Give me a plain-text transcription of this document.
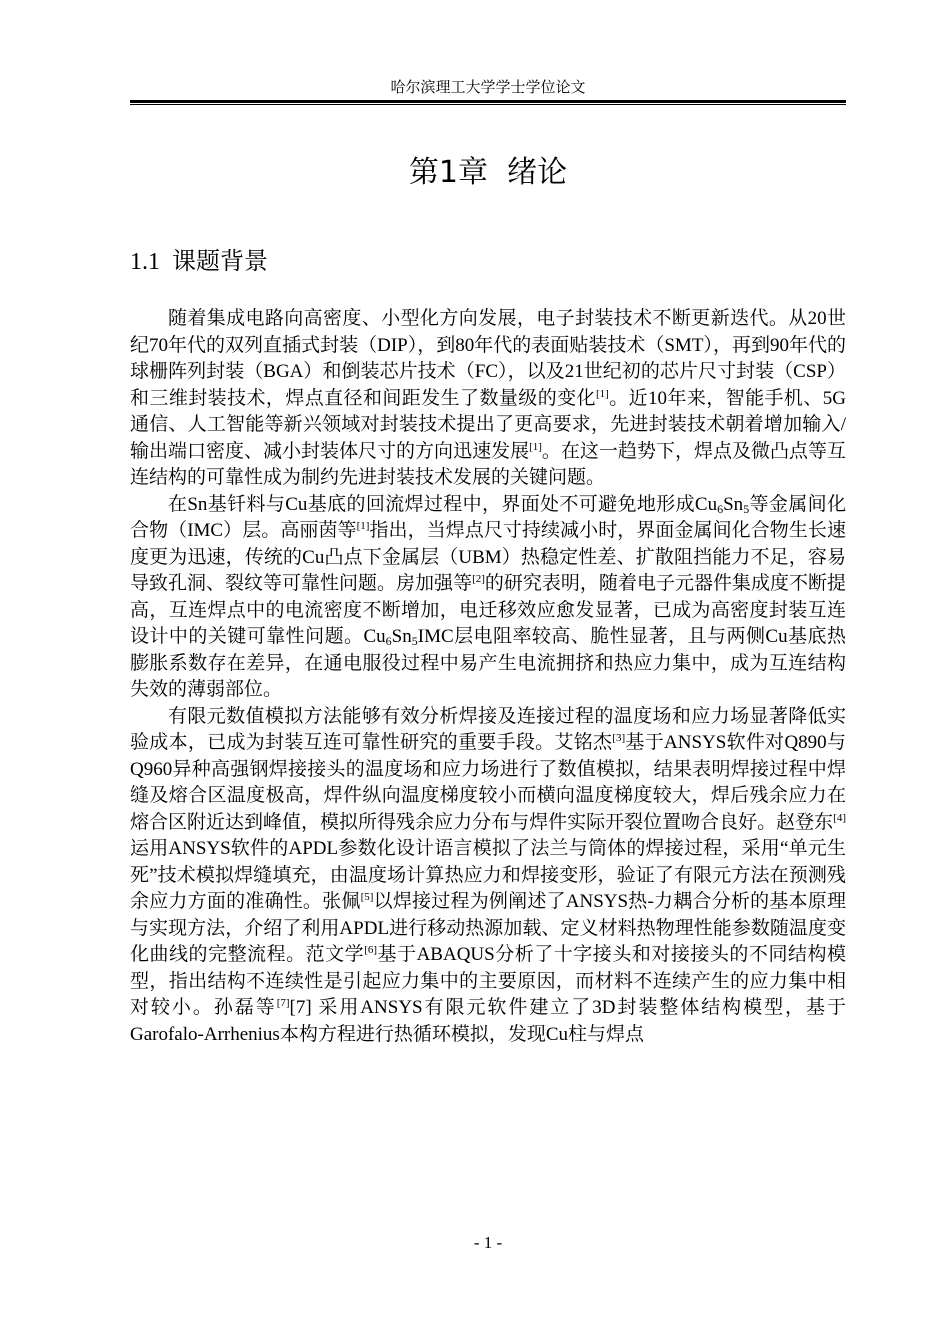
哈尔滨理工大学学士学位论文
第1章  绪论
1.1 课题背景

随着集成电路向高密度、小型化方向发展，电子封装技术不断更新迭代。从20世纪70年代的双列直插式封装（DIP），到80年代的表面贴装技术（SMT），再到90年代的球栅阵列封装（BGA）和倒装芯片技术（FC），以及21世纪初的芯片尺寸封装（CSP）和三维封装技术，焊点直径和间距发生了数量级的变化[1]。近10年来，智能手机、5G通信、人工智能等新兴领域对封装技术提出了更高要求，先进封装技术朝着增加输入/输出端口密度、减小封装体尺寸的方向迅速发展[1]。在这一趋势下，焊点及微凸点等互连结构的可靠性成为制约先进封装技术发展的关键问题。

在Sn基钎料与Cu基底的回流焊过程中，界面处不可避免地形成$Cu_6Sn_5$等金属间化合物（IMC）层。高丽茵等[1]指出，当焊点尺寸持续减小时，界面金属间化合物生长速度更为迅速，传统的Cu凸点下金属层（UBM）热稳定性差、扩散阻挡能力不足，容易导致孔洞、裂纹等可靠性问题。房加强等[2]的研究表明，随着电子元器件集成度不断提高，互连焊点中的电流密度不断增加，电迁移效应愈发显著，已成为高密度封装互连设计中的关键可靠性问题。$Cu_6Sn_5IMC$层电阻率较高、脆性显著，且与两侧Cu基底热膨胀系数存在差异，在通电服役过程中易产生电流拥挤和热应力集中，成为互连结构失效的薄弱部位。

有限元数值模拟方法能够有效分析焊接及连接过程的温度场和应力场显著降低实验成本，已成为封装互连可靠性研究的重要手段。艾铭杰[3]基于ANSYS软件对Q890与Q960异种高强钢焊接接头的温度场和应力场进行了数值模拟，结果表明焊接过程中焊缝及熔合区温度极高，焊件纵向温度梯度较小而横向温度梯度较大，焊后残余应力在熔合区附近达到峰值，模拟所得残余应力分布与焊件实际开裂位置吻合良好。赵登东[4]运用ANSYS软件的APDL参数化设计语言模拟了法兰与筒体的焊接过程，采用“单元生死”技术模拟焊缝填充，由温度场计算热应力和焊接变形，验证了有限元方法在预测残余应力方面的准确性。张佩[5]以焊接过程为例阐述了ANSYS热-力耦合分析的基本原理与实现方法，介绍了利用APDL进行移动热源加载、定义材料热物理性能参数随温度变化曲线的完整流程。范文学[6]基于ABAQUS分析了十字接头和对接接头的不同结构模型，指出结构不连续性是引起应力集中的主要原因，而材料不连续产生的应力集中相对较小。孙磊等[7][7] 采用ANSYS有限元软件建立了3D封装整体结构模型，基于Garofalo-Arrhenius本构方程进行热循环模拟，发现Cu柱与焊点

- 1 -
